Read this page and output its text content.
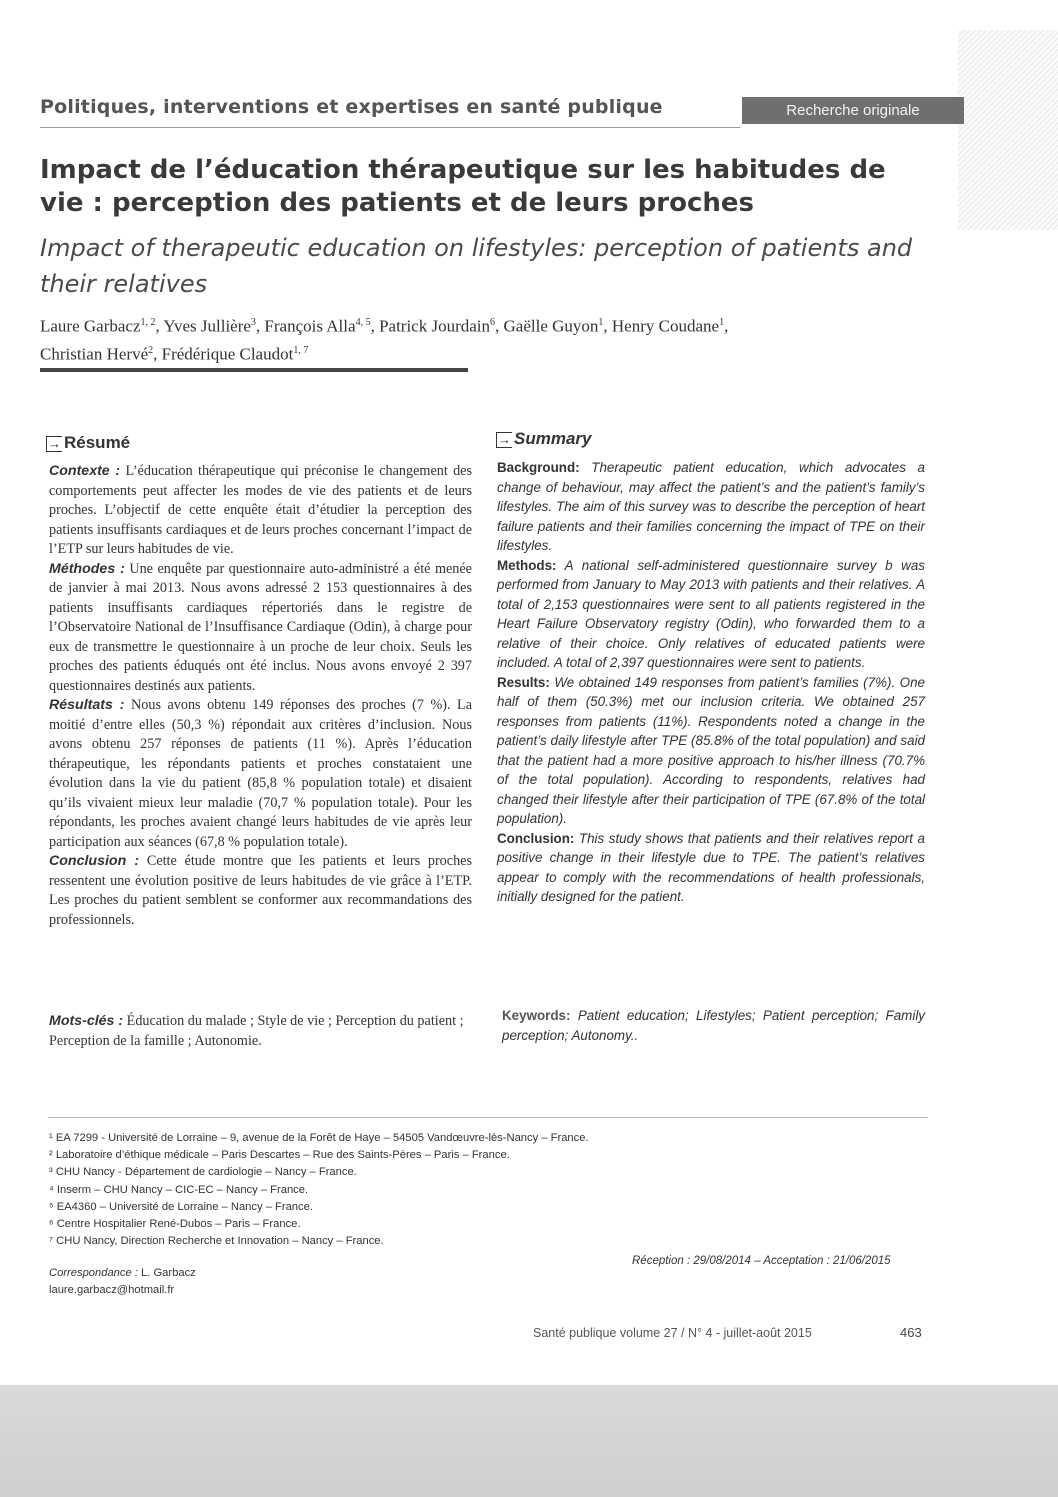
Politiques, interventions et expertises en santé publique	Recherche originale
Impact de l’éducation thérapeutique sur les habitudes de vie : perception des patients et de leurs proches
Impact of therapeutic education on lifestyles: perception of patients and their relatives
Laure Garbacz$^{1, 2}$, Yves Jullière$^3$, François Alla$^{4, 5}$, Patrick Jourdain$^6$, Gaëlle Guyon$^1$, Henry Coudane$^1$,
Christian Hervé$^2$, Frédérique Claudot$^{1, 7}$
→ Résumé

Contexte : L’éducation thérapeutique qui préconise le changement des comportements peut affecter les modes de vie des patients et de leurs proches. L’objectif de cette enquête était d’étudier la perception des patients insuffisants cardiaques et de leurs proches concernant l’impact de l’ETP sur leurs habitudes de vie.

Méthodes : Une enquête par questionnaire auto-administré a été menée de janvier à mai 2013. Nous avons adressé 2 153 questionnaires à des patients insuffisants cardiaques répertoriés dans le registre de l’Observatoire National de l’Insuffisance Cardiaque (Odin), à charge pour eux de transmettre le questionnaire à un proche de leur choix. Seuls les proches des patients éduqués ont été inclus. Nous avons envoyé 2 397 questionnaires destinés aux patients.

Résultats : Nous avons obtenu 149 réponses des proches (7 %). La moitié d’entre elles (50,3 %) répondait aux critères d’inclusion. Nous avons obtenu 257 réponses de patients (11 %). Après l’éducation thérapeutique, les répondants patients et proches constataient une évolution dans la vie du patient (85,8 % population totale) et disaient qu’ils vivaient mieux leur maladie (70,7 % population totale). Pour les répondants, les proches avaient changé leurs habitudes de vie après leur participation aux séances (67,8 % population totale).

Conclusion : Cette étude montre que les patients et leurs proches ressentent une évolution positive de leurs habitudes de vie grâce à l’ETP. Les proches du patient semblent se conformer aux recommandations des professionnels.

Mots-clés : Éducation du malade ; Style de vie ; Perception du patient ; Perception de la famille ; Autonomie.
→ Summary

Background: Therapeutic patient education, which advocates a change of behaviour, may affect the patient’s and the patient’s family’s lifestyles. The aim of this survey was to describe the perception of heart failure patients and their families concerning the impact of TPE on their lifestyles.

Methods: A national self-administered questionnaire survey b was performed from January to May 2013 with patients and their relatives. A total of 2,153 questionnaires were sent to all patients registered in the Heart Failure Observatory registry (Odin), who forwarded them to a relative of their choice. Only relatives of educated patients were included. A total of 2,397 questionnaires were sent to patients.

Results: We obtained 149 responses from patient’s families (7%). One half of them (50.3%) met our inclusion criteria. We obtained 257 responses from patients (11%). Respondents noted a change in the patient’s daily lifestyle after TPE (85.8% of the total population) and said that the patient had a more positive approach to his/her illness (70.7% of the total population). According to respondents, relatives had changed their lifestyle after their participation of TPE (67.8% of the total population).

Conclusion: This study shows that patients and their relatives report a positive change in their lifestyle due to TPE. The patient’s relatives appear to comply with the recommendations of health professionals, initially designed for the patient.

Keywords: Patient education; Lifestyles; Patient perception; Family perception; Autonomy..
¹ EA 7299 - Université de Lorraine – 9, avenue de la Forêt de Haye – 54505 Vandœuvre-lès-Nancy – France.
² Laboratoire d’éthique médicale – Paris Descartes – Rue des Saints-Pères – Paris – France.
³ CHU Nancy - Département de cardiologie – Nancy – France.
⁴ Inserm – CHU Nancy – CIC-EC – Nancy – France.
⁵ EA4360 – Université de Lorraine – Nancy – France.
⁶ Centre Hospitalier René-Dubos – Paris – France.
⁷ CHU Nancy, Direction Recherche et Innovation – Nancy – France.
Correspondance : L. Garbacz
laure.garbacz@hotmail.fr
Réception : 29/08/2014 – Acceptation : 21/06/2015
Santé publique volume 27 / N° 4 - juillet-août 2015	463
